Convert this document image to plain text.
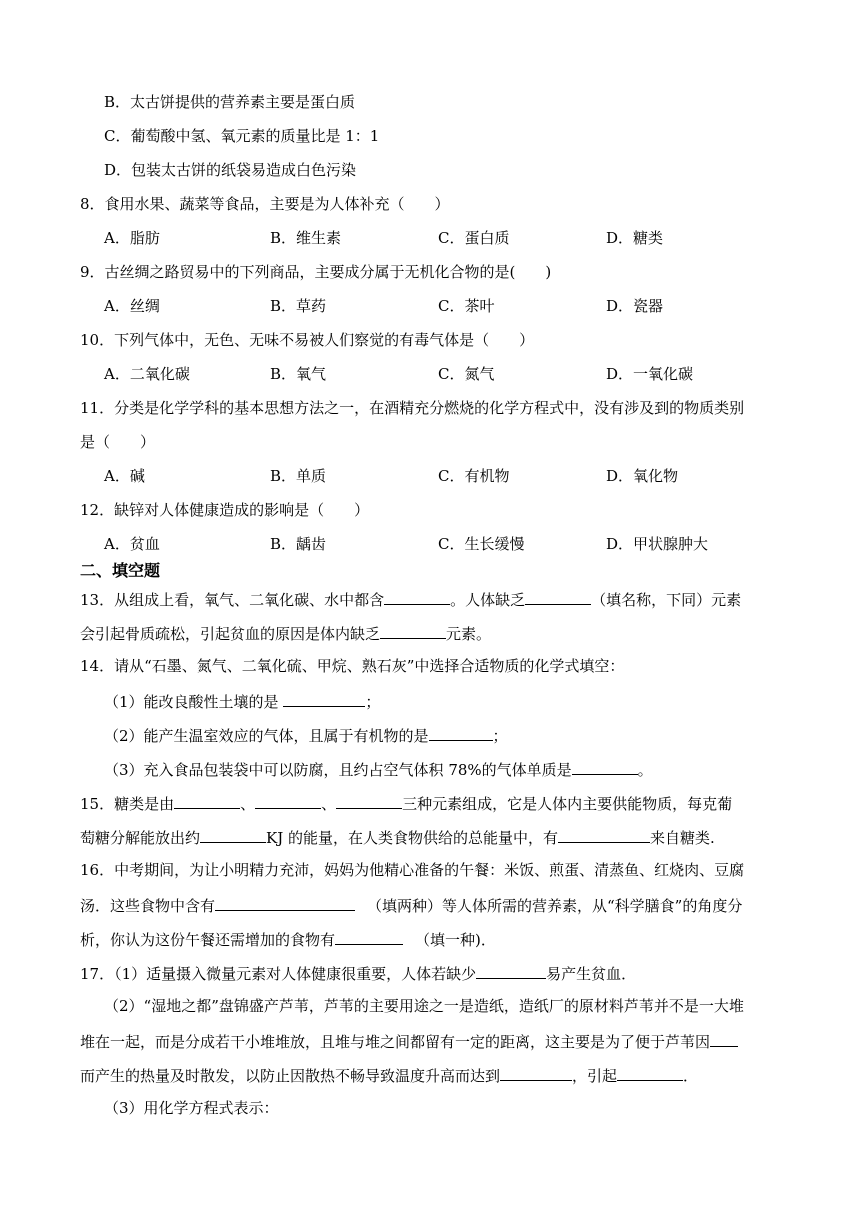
B．太古饼提供的营养素主要是蛋白质
C．葡萄酸中氢、氧元素的质量比是 1：1
D．包装太古饼的纸袋易造成白色污染
8．食用水果、蔬菜等食品，主要是为人体补充（　　）
A．脂肪	B．维生素	C．蛋白质	D．糖类
9．古丝绸之路贸易中的下列商品，主要成分属于无机化合物的是(　　)
A．丝绸	B．草药	C．茶叶	D．瓷器
10．下列气体中，无色、无味不易被人们察觉的有毒气体是（　　）
A．二氧化碳	B．氧气	C．氮气	D．一氧化碳
11．分类是化学学科的基本思想方法之一，在酒精充分燃烧的化学方程式中，没有涉及到的物质类别
是（　　）
A．碱	B．单质	C．有机物	D．氧化物
12．缺锌对人体健康造成的影响是（　　）
A．贫血	B．龋齿	C．生长缓慢	D．甲状腺肿大
二、填空题
13．从组成上看，氧气、二氧化碳、水中都含	。人体缺乏	（填名称，下同）元素
会引起骨质疏松，引起贫血的原因是体内缺乏	元素。
14．请从“石墨、氮气、二氧化硫、甲烷、熟石灰”中选择合适物质的化学式填空：
（1）能改良酸性土壤的是	；
（2）能产生温室效应的气体，且属于有机物的是	；
（3）充入食品包装袋中可以防腐，且约占空气体积 78%的气体单质是	。
15．糖类是由	、	、	三种元素组成，它是人体内主要供能物质，每克葡
萄糖分解能放出约	KJ 的能量，在人类食物供给的总能量中，有	来自糖类.
16．中考期间，为让小明精力充沛，妈妈为他精心准备的午餐：米饭、煎蛋、清蒸鱼、红烧肉、豆腐
汤．这些食物中含有	（填两种）等人体所需的营养素，从“科学膳食”的角度分
析，你认为这份午餐还需增加的食物有	（填一种)．
17．（1）适量摄入微量元素对人体健康很重要，人体若缺少	易产生贫血．
（2）“湿地之都”盘锦盛产芦苇，芦苇的主要用途之一是造纸，造纸厂的原材料芦苇并不是一大堆
堆在一起，而是分成若干小堆堆放，且堆与堆之间都留有一定的距离，这主要是为了便于芦苇因
而产生的热量及时散发，以防止因散热不畅导致温度升高而达到	，引起	．
（3）用化学方程式表示：
